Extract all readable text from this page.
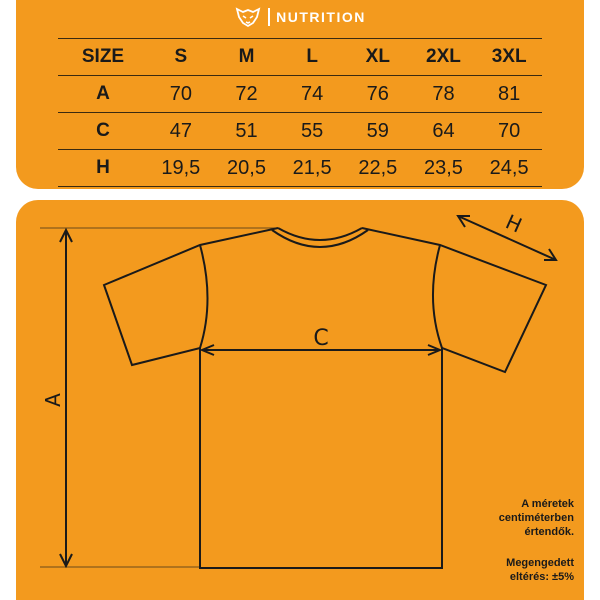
NUTRITION
SIZE	S	M	L	XL	2XL	3XL
A	70	72	74	76	78	81
C	47	51	55	59	64	70
H	19,5	20,5	21,5	22,5	23,5	24,5
A
C
H
A méretek
centiméterben
értendők.
Megengedett
eltérés: ±5%
